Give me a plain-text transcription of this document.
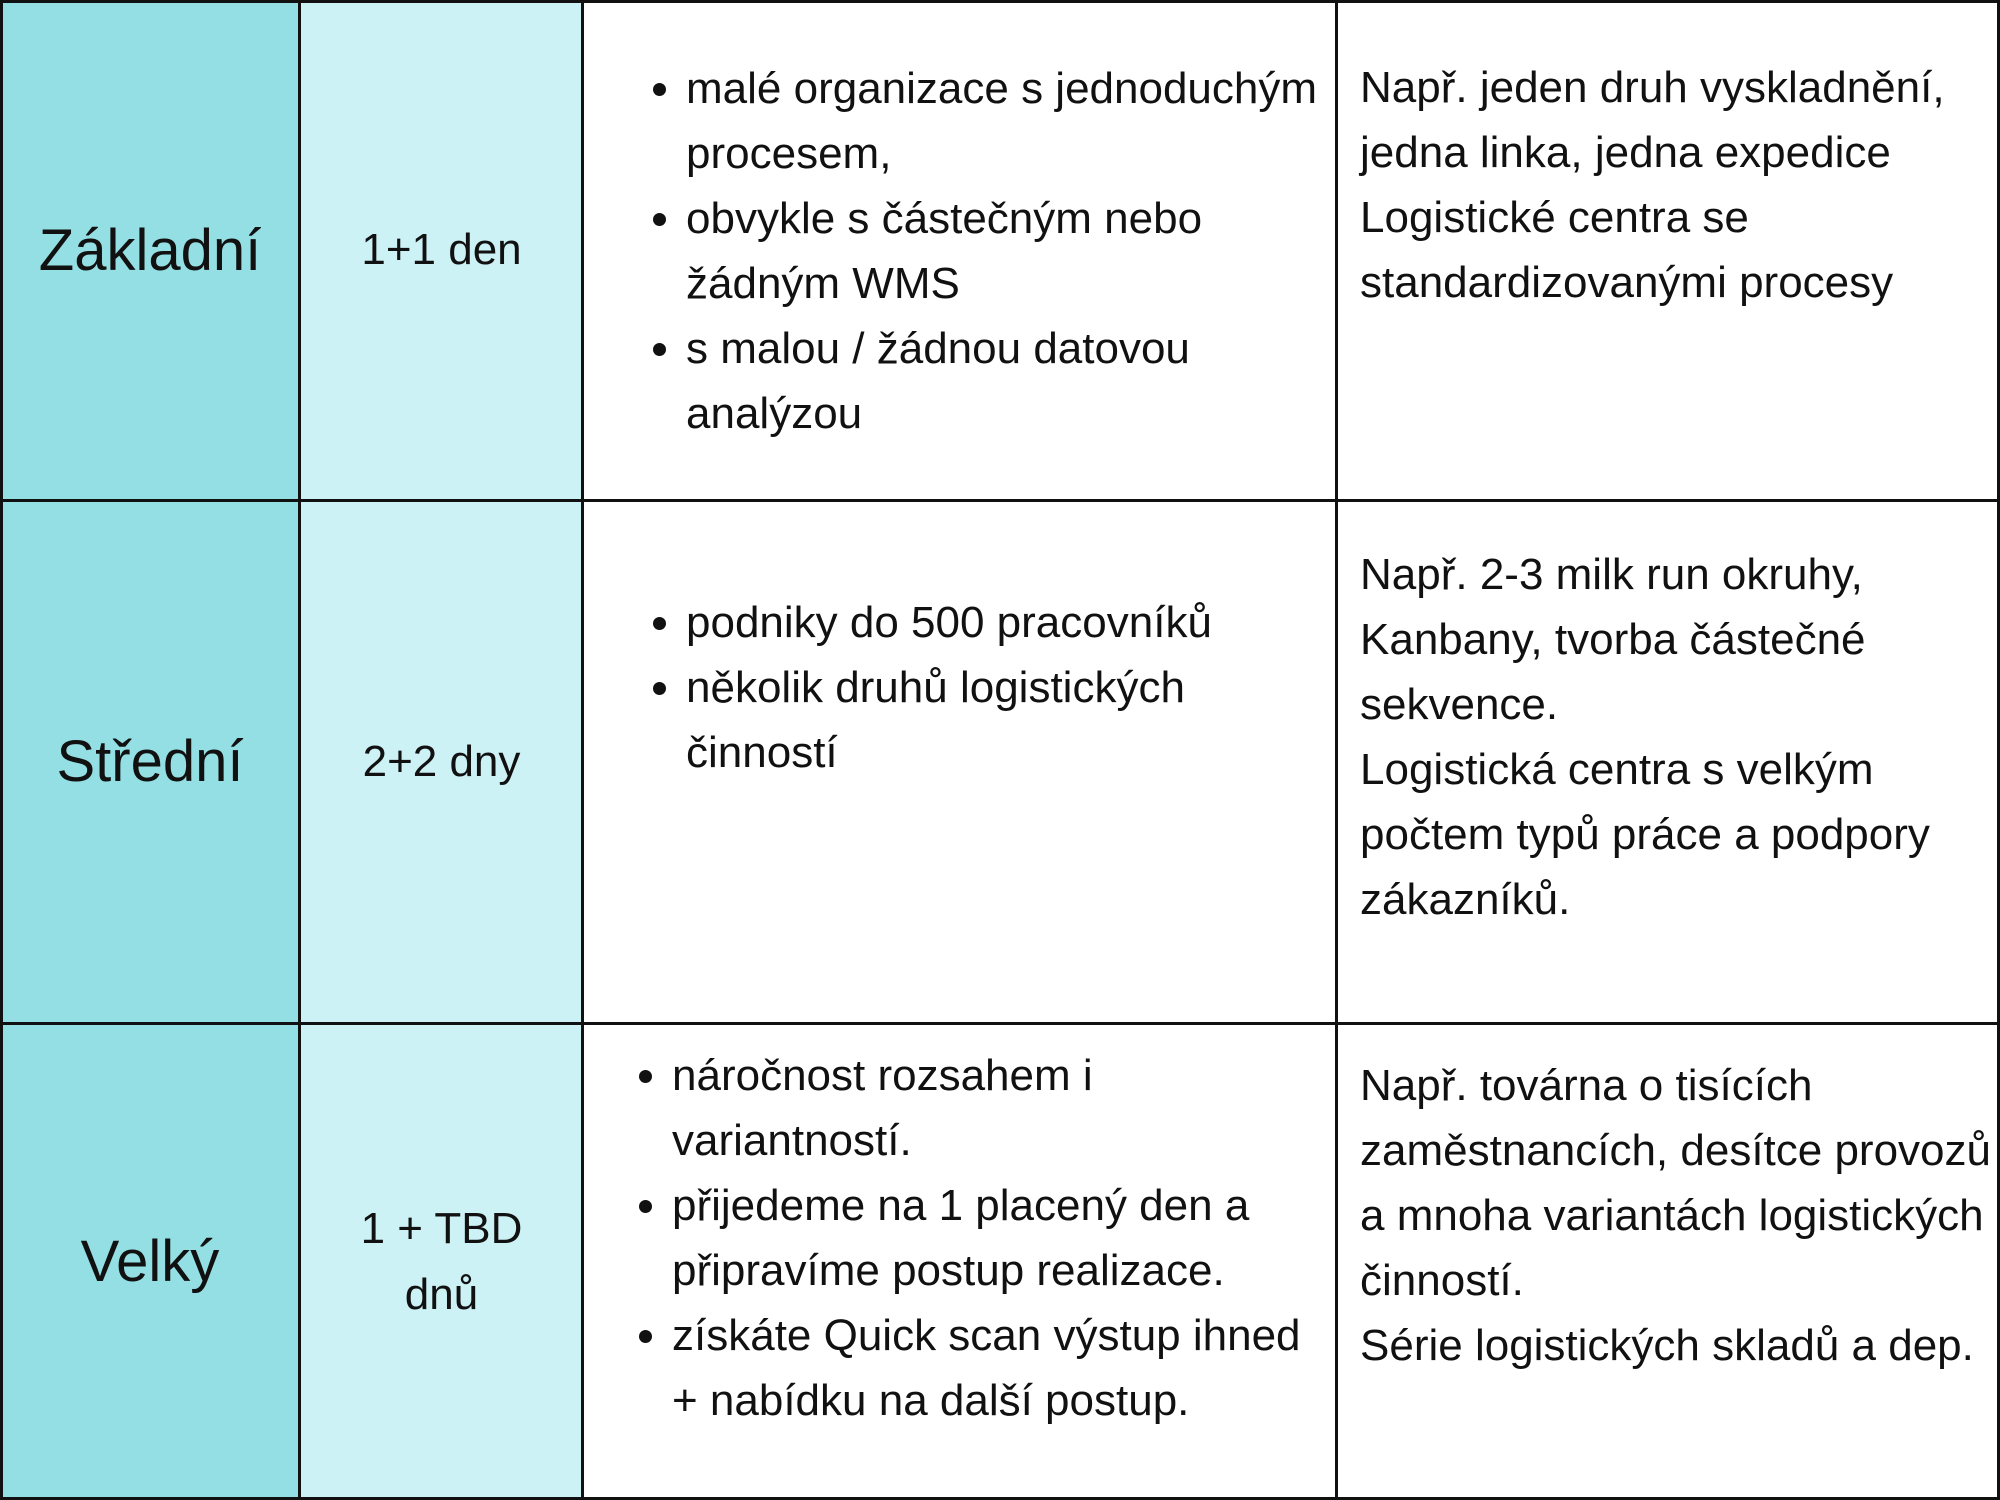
Základní	1+1 den
malé organizace s jednoduchým procesem,
obvykle s částečným nebo žádným WMS
s malou / žádnou datovou analýzou

Např. jeden druh vyskladnění, jedna linka, jedna expedice

Logistické centra se standardizovanými procesy

Střední	2+2 dny
podniky do 500 pracovníků
několik druhů logistických činností

Např. 2-3 milk run okruhy, Kanbany, tvorba částečné sekvence.

Logistická centra s velkým počtem typů práce a podpory zákazníků.

Velký
1 + TBD dnů
náročnost rozsahem i variantností.
přijedeme na 1 placený den a připravíme postup realizace.
získáte Quick scan výstup ihned + nabídku na další postup.

Např. továrna o tisících zaměstnancích, desítce provozů a mnoha variantách logistických činností.

Série logistických skladů a dep.
